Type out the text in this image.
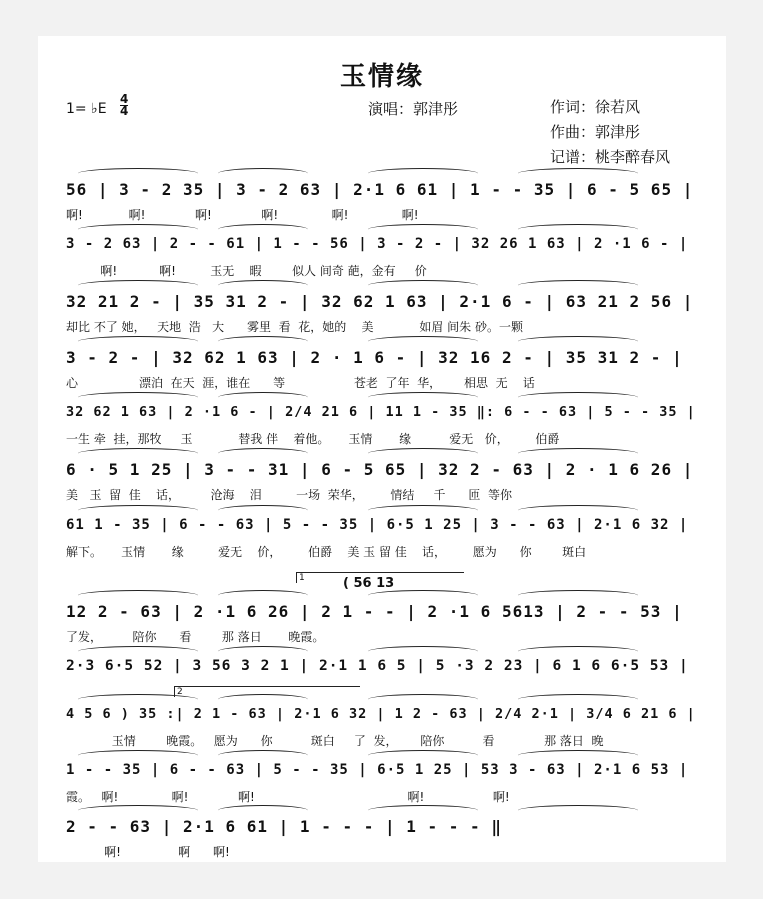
玉情缘
1= ♭E
4
4	演唱：郭津彤	作词：徐若风
作曲：郭津彤
记谱：桃李醉春风
56 | 3 - 2 35 | 3 - 2 63 | 2·1 6 61 | 1 - - 35 | 6 - 5 65 |
啊!            啊!             啊!             啊!              啊!              啊!
3 - 2 63 | 2 - - 61 | 1 - - 56 | 3 - 2 - | 32 26 1 63 | 2 ·1 6 - |
啊!           啊!         玉无    暇        似人 间奇 葩，金有     价
32 21 2 - | 35 31 2 - | 32 62 1 63 | 2·1 6 - | 63 21 2 56 |
却比 不了 她，   天地  浩   大      雾里  看  花，她的    美            如眉 间朱 砂。一颗
3 - 2 - | 32 62 1 63 | 2 · 1 6 - | 32 16 2 - | 35 31 2 - |
心                漂泊  在天  涯，谁在      等                  苍老  了年  华，      相思  无    话
32 62 1 63 | 2 ·1 6 - | 2/4 21 6 | 11 1 - 35 ‖: 6 - - 63 | 5 - - 35 |
一生 牵  挂，那牧     玉            替我 伴    着他。     玉情       缘          爱无   价，       伯爵
6 · 5 1 25 | 3 - - 31 | 6 - 5 65 | 32 2 - 63 | 2 · 1 6 26 |
美   玉  留  佳    话，        沧海    泪         一场  荣华，       情结     千      匝  等你
61 1 - 35 | 6 - - 63 | 5 - - 35 | 6·5 1 25 | 3 - - 63 | 2·1 6 32 |
解下。     玉情       缘         爱无    价，       伯爵    美 玉 留 佳    话，       愿为      你        斑白
12 2 - 63 | 2 ·1 6 26 | 2 1 - - | 2 ·1 6 5613 | 2 - - 53 |
了发，        陪你      看        那 落日       晚霞。
2·3 6·5 52 | 3 56 3 2 1 | 2·1 1 6 5 | 5 ·3 2 23 | 6 1 6 6·5 53 |
4 5 6 ) 35 :| 2 1 - 63 | 2·1 6 32 | 1 2 - 63 | 2/4 2·1 | 3/4 6 21 6 |
玉情        晚霞。   愿为      你          斑白     了  发，      陪你          看             那 落日  晚
1 - - 35 | 6 - - 63 | 5 - - 35 | 6·5 1 25 | 53 3 - 63 | 2·1 6 53 |
霞。   啊!              啊!             啊!                                        啊!                  啊!
2 - - 63 | 2·1 6 61 | 1 - - - | 1 - - - ‖
啊!               啊      啊!
1	( 56 13
2
